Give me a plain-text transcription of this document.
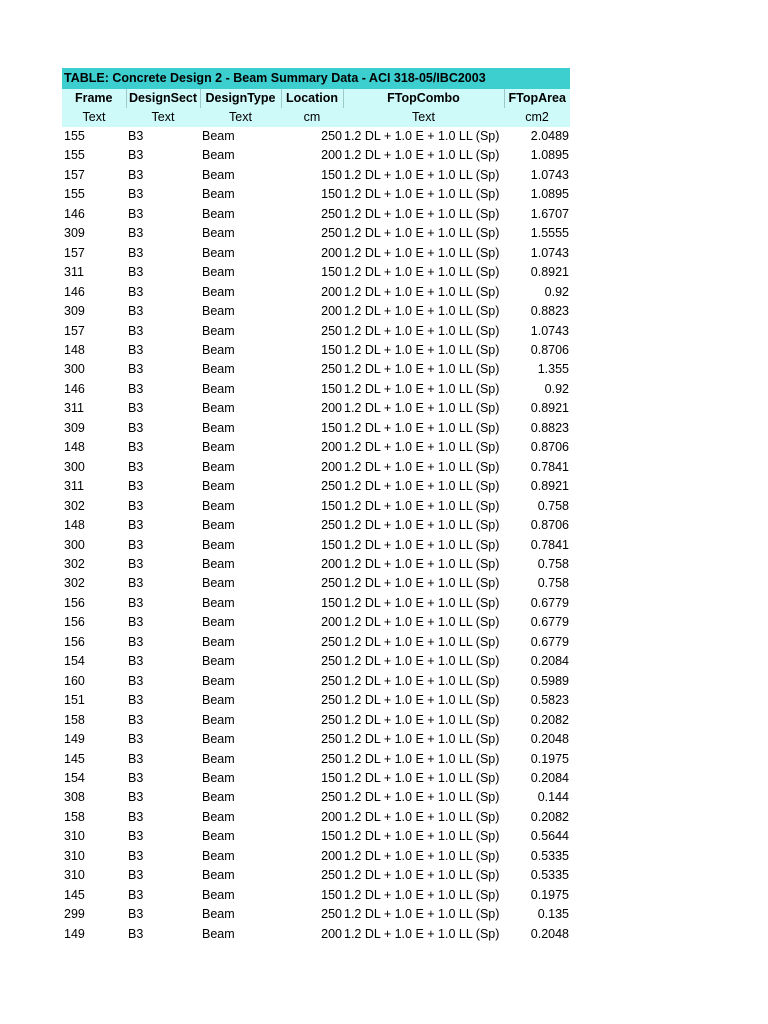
TABLE: Concrete Design 2 - Beam Summary Data - ACI 318-05/IBC2003
Frame	DesignSect	DesignType	Location	FTopCombo	FTopArea
Text	Text	Text	cm	Text	cm2
155	B3	Beam	250	1.2 DL + 1.0 E + 1.0 LL (Sp)	2.0489
155	B3	Beam	200	1.2 DL + 1.0 E + 1.0 LL (Sp)	1.0895
157	B3	Beam	150	1.2 DL + 1.0 E + 1.0 LL (Sp)	1.0743
155	B3	Beam	150	1.2 DL + 1.0 E + 1.0 LL (Sp)	1.0895
146	B3	Beam	250	1.2 DL + 1.0 E + 1.0 LL (Sp)	1.6707
309	B3	Beam	250	1.2 DL + 1.0 E + 1.0 LL (Sp)	1.5555
157	B3	Beam	200	1.2 DL + 1.0 E + 1.0 LL (Sp)	1.0743
311	B3	Beam	150	1.2 DL + 1.0 E + 1.0 LL (Sp)	0.8921
146	B3	Beam	200	1.2 DL + 1.0 E + 1.0 LL (Sp)	0.92
309	B3	Beam	200	1.2 DL + 1.0 E + 1.0 LL (Sp)	0.8823
157	B3	Beam	250	1.2 DL + 1.0 E + 1.0 LL (Sp)	1.0743
148	B3	Beam	150	1.2 DL + 1.0 E + 1.0 LL (Sp)	0.8706
300	B3	Beam	250	1.2 DL + 1.0 E + 1.0 LL (Sp)	1.355
146	B3	Beam	150	1.2 DL + 1.0 E + 1.0 LL (Sp)	0.92
311	B3	Beam	200	1.2 DL + 1.0 E + 1.0 LL (Sp)	0.8921
309	B3	Beam	150	1.2 DL + 1.0 E + 1.0 LL (Sp)	0.8823
148	B3	Beam	200	1.2 DL + 1.0 E + 1.0 LL (Sp)	0.8706
300	B3	Beam	200	1.2 DL + 1.0 E + 1.0 LL (Sp)	0.7841
311	B3	Beam	250	1.2 DL + 1.0 E + 1.0 LL (Sp)	0.8921
302	B3	Beam	150	1.2 DL + 1.0 E + 1.0 LL (Sp)	0.758
148	B3	Beam	250	1.2 DL + 1.0 E + 1.0 LL (Sp)	0.8706
300	B3	Beam	150	1.2 DL + 1.0 E + 1.0 LL (Sp)	0.7841
302	B3	Beam	200	1.2 DL + 1.0 E + 1.0 LL (Sp)	0.758
302	B3	Beam	250	1.2 DL + 1.0 E + 1.0 LL (Sp)	0.758
156	B3	Beam	150	1.2 DL + 1.0 E + 1.0 LL (Sp)	0.6779
156	B3	Beam	200	1.2 DL + 1.0 E + 1.0 LL (Sp)	0.6779
156	B3	Beam	250	1.2 DL + 1.0 E + 1.0 LL (Sp)	0.6779
154	B3	Beam	250	1.2 DL + 1.0 E + 1.0 LL (Sp)	0.2084
160	B3	Beam	250	1.2 DL + 1.0 E + 1.0 LL (Sp)	0.5989
151	B3	Beam	250	1.2 DL + 1.0 E + 1.0 LL (Sp)	0.5823
158	B3	Beam	250	1.2 DL + 1.0 E + 1.0 LL (Sp)	0.2082
149	B3	Beam	250	1.2 DL + 1.0 E + 1.0 LL (Sp)	0.2048
145	B3	Beam	250	1.2 DL + 1.0 E + 1.0 LL (Sp)	0.1975
154	B3	Beam	150	1.2 DL + 1.0 E + 1.0 LL (Sp)	0.2084
308	B3	Beam	250	1.2 DL + 1.0 E + 1.0 LL (Sp)	0.144
158	B3	Beam	200	1.2 DL + 1.0 E + 1.0 LL (Sp)	0.2082
310	B3	Beam	150	1.2 DL + 1.0 E + 1.0 LL (Sp)	0.5644
310	B3	Beam	200	1.2 DL + 1.0 E + 1.0 LL (Sp)	0.5335
310	B3	Beam	250	1.2 DL + 1.0 E + 1.0 LL (Sp)	0.5335
145	B3	Beam	150	1.2 DL + 1.0 E + 1.0 LL (Sp)	0.1975
299	B3	Beam	250	1.2 DL + 1.0 E + 1.0 LL (Sp)	0.135
149	B3	Beam	200	1.2 DL + 1.0 E + 1.0 LL (Sp)	0.2048
